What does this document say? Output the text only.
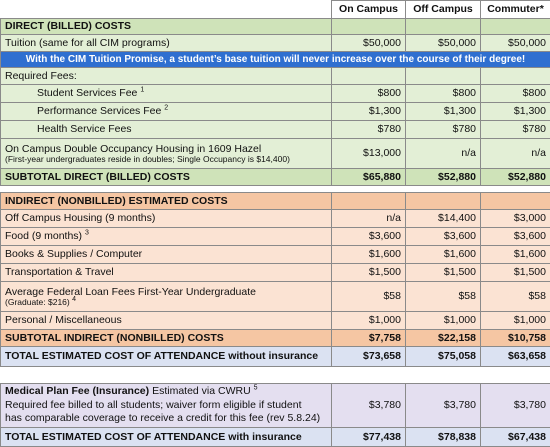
	On Campus	Off Campus	Commuter*
DIRECT (BILLED) COSTS			
Tuition (same for all CIM programs)	$50,000	$50,000	$50,000
With the CIM Tuition Promise, a student’s base tuition will never increase over the course of their degree!			
Required Fees:			
Student Services Fee $^1$	$800	$800	$800
Performance Services Fee $^2$	$1,300	$1,300	$1,300
Health Service Fees	$780	$780	$780

On Campus Double Occupancy Housing in 1609 Hazel
(First-year undergraduates reside in doubles; Single Occupancy is $14,400)	$13,000	n/a	n/a
SUBTOTAL DIRECT (BILLED) COSTS	$65,880	$52,880	$52,880

INDIRECT (NONBILLED) ESTIMATED COSTS			
Off Campus Housing (9 months)	n/a	$14,400	$3,000
Food (9 months) $^3$	$3,600	$3,600	$3,600
Books & Supplies / Computer	$1,600	$1,600	$1,600
Transportation & Travel	$1,500	$1,500	$1,500

Average Federal Loan Fees First-Year Undergraduate
(Graduate: $216) $^4$	$58	$58	$58
Personal / Miscellaneous	$1,000	$1,000	$1,000
SUBTOTAL INDIRECT (NONBILLED) COSTS	$7,758	$22,158	$10,758
TOTAL ESTIMATED COST OF ATTENDANCE without insurance	$73,658	$75,058	$63,658

Medical Plan Fee (Insurance) Estimated via CWRU $^5$
Required fee billed to all students; waiver form eligible if student
has comparable coverage to receive a credit for this fee (rev 5.8.24)	$3,780	$3,780	$3,780
TOTAL ESTIMATED COST OF ATTENDANCE with insurance	$77,438	$78,838	$67,438
